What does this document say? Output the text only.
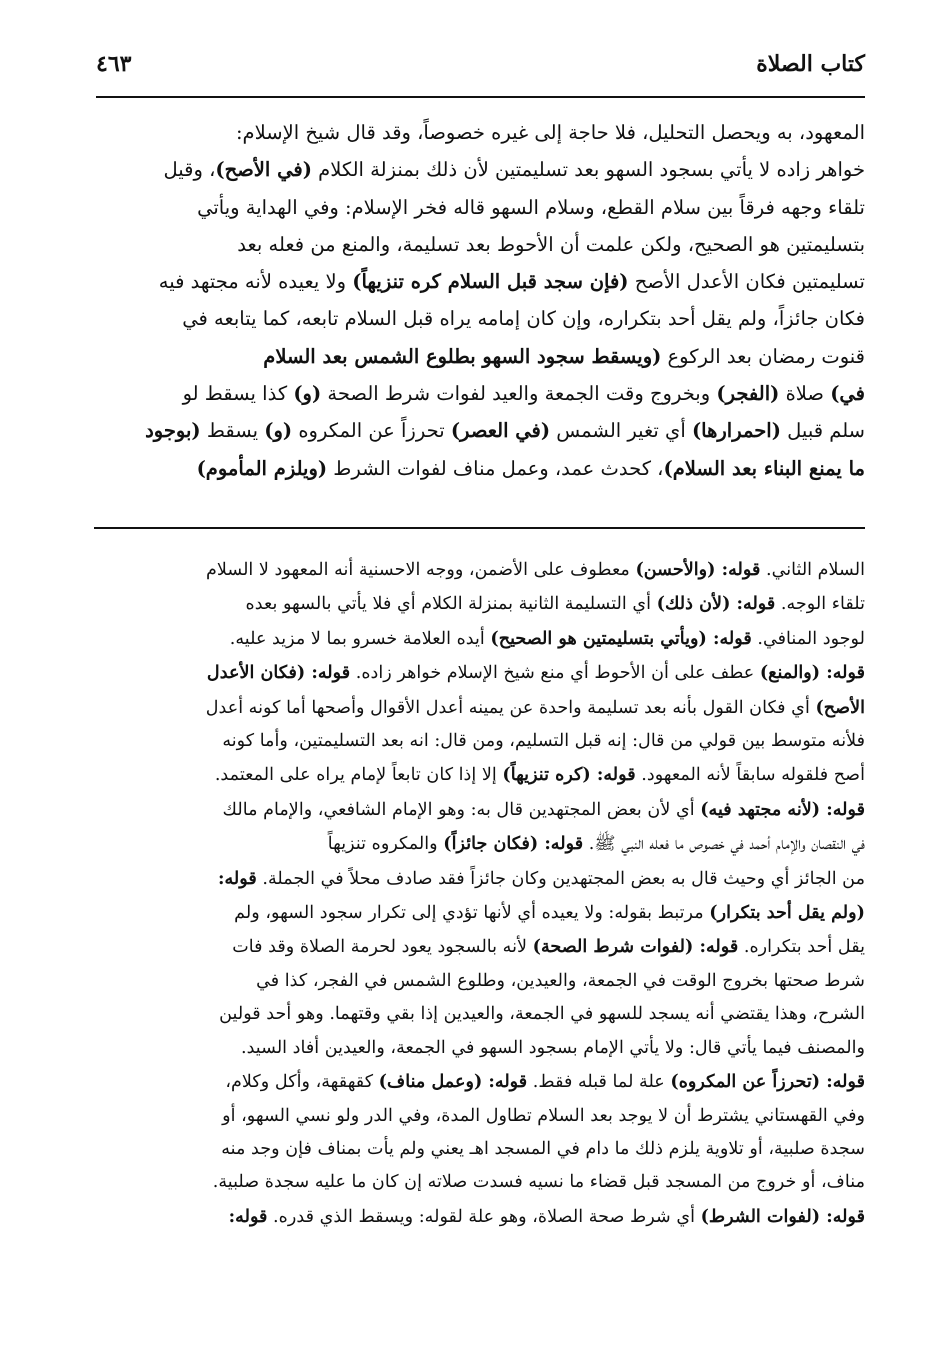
كتاب الصلاة
٤٦٣
المعهود، به ويحصل التحليل، فلا حاجة إلى غيره خصوصاً، وقد قال شيخ الإسلام:
خواهر زاده لا يأتي بسجود السهو بعد تسليمتين لأن ذلك بمنزلة الكلام (في الأصح)، وقيل
تلقاء وجهه فرقاً بين سلام القطع، وسلام السهو قاله فخر الإسلام: وفي الهداية ويأتي
بتسليمتين هو الصحيح، ولكن علمت أن الأحوط بعد تسليمة، والمنع من فعله بعد
تسليمتين فكان الأعدل الأصح (فإن سجد قبل السلام كره تنزيهاً) ولا يعيده لأنه مجتهد فيه
فكان جائزاً، ولم يقل أحد بتكراره، وإن كان إمامه يراه قبل السلام تابعه، كما يتابعه في
قنوت رمضان بعد الركوع (ويسقط سجود السهو بطلوع الشمس بعد السلام
في) صلاة (الفجر) وبخروج وقت الجمعة والعيد لفوات شرط الصحة (و) كذا يسقط لو
سلم قبيل (احمرارها) أي تغير الشمس (في العصر) تحرزاً عن المكروه (و) يسقط (بوجود
ما يمنع البناء بعد السلام)، كحدث عمد، وعمل مناف لفوات الشرط (ويلزم المأموم)
السلام الثاني. قوله: (والأحسن) معطوف على الأضمن، ووجه الاحسنية أنه المعهود لا السلام
تلقاء الوجه. قوله: (لأن ذلك) أي التسليمة الثانية بمنزلة الكلام أي فلا يأتي بالسهو بعده
لوجود المنافي. قوله: (ويأتي بتسليمتين هو الصحيح) أيده العلامة خسرو بما لا مزيد عليه.
قوله: (والمنع) عطف على أن الأحوط أي منع شيخ الإسلام خواهر زاده. قوله: (فكان الأعدل
الأصح) أي فكان القول بأنه بعد تسليمة واحدة عن يمينه أعدل الأقوال وأصحها أما كونه أعدل
فلأنه متوسط بين قولي من قال: إنه قبل التسليم، ومن قال: انه بعد التسليمتين، وأما كونه
أصح فلقوله سابقاً لأنه المعهود. قوله: (كره تنزيهاً) إلا إذا كان تابعاً لإمام يراه على المعتمد.
قوله: (لأنه مجتهد فيه) أي لأن بعض المجتهدين قال به: وهو الإمام الشافعي، والإمام مالك
في النقصان والإمام أحمد في خصوص ما فعله النبي ﷺ. قوله: (فكان جائزاً) والمكروه تنزيهاً
من الجائز أي وحيث قال به بعض المجتهدين وكان جائزاً فقد صادف محلاً في الجملة. قوله:
(ولم يقل أحد بتكرار) مرتبط بقوله: ولا يعيده أي لأنها تؤدي إلى تكرار سجود السهو، ولم
يقل أحد بتكراره. قوله: (لفوات شرط الصحة) لأنه بالسجود يعود لحرمة الصلاة وقد فات
شرط صحتها بخروج الوقت في الجمعة، والعيدين، وطلوع الشمس في الفجر، كذا في
الشرح، وهذا يقتضي أنه يسجد للسهو في الجمعة، والعيدين إذا بقي وقتهما. وهو أحد قولين
والمصنف فيما يأتي قال: ولا يأتي الإمام بسجود السهو في الجمعة، والعيدين أفاد السيد.
قوله: (تحرزاً عن المكروه) علة لما قبله فقط. قوله: (وعمل مناف) كقهقهة، وأكل وكلام،
وفي القهستاني يشترط أن لا يوجد بعد السلام تطاول المدة، وفي الدر ولو نسي السهو، أو
سجدة صلبية، أو تلاوية يلزم ذلك ما دام في المسجد اهـ يعني ولم يأت بمناف فإن وجد منه
مناف، أو خروج من المسجد قبل قضاء ما نسيه فسدت صلاته إن كان ما عليه سجدة صلبية.
قوله: (لفوات الشرط) أي شرط صحة الصلاة، وهو علة لقوله: ويسقط الذي قدره. قوله:
